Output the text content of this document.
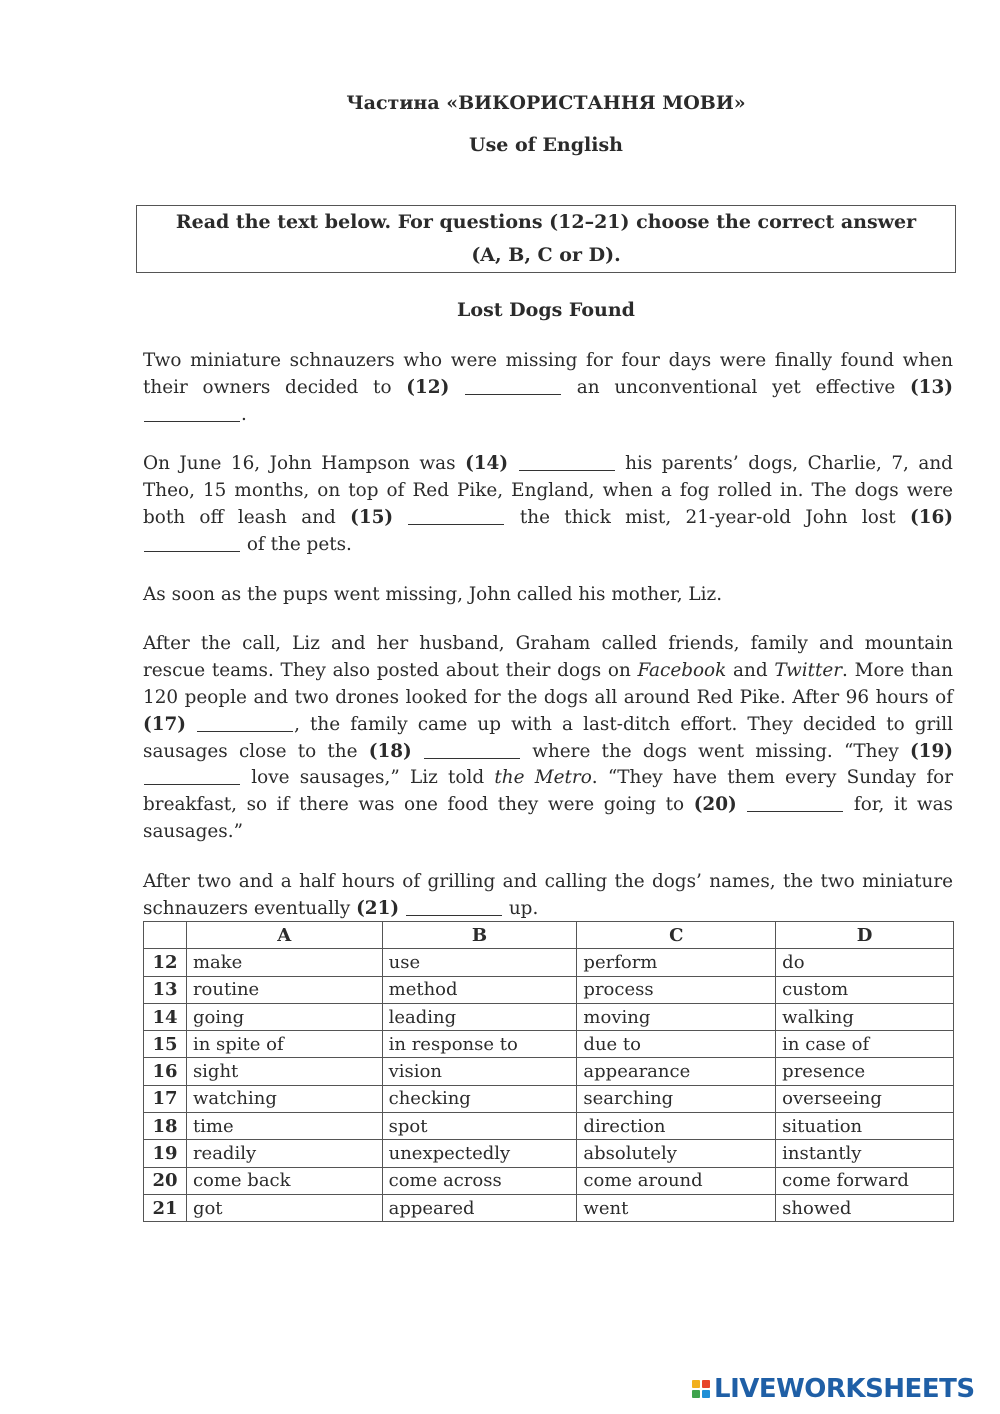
Частина «ВИКОРИСТАННЯ МОВИ»
Use of English
Read the text below. For questions (12–21) choose the correct answer
(A, B, C or D).
Lost Dogs Found

Two miniature schnauzers who were missing for four days were finally found when their owners decided to (12)	an unconventional yet effective (13) .

On June 16, John Hampson was (14)	his parents’ dogs, Charlie, 7, and Theo, 15 months, on top of Red Pike, England, when a fog rolled in. The dogs were both off leash and (15)	the thick mist, 21-year-old John lost (16)  of the pets.

As soon as the pups went missing, John called his mother, Liz.

After the call, Liz and her husband, Graham called friends, family and mountain rescue teams. They also posted about their dogs on Facebook and Twitter. More than 120 people and two drones looked for the dogs all around Red Pike. After 96 hours of (17)	, the family came up with a last-ditch effort. They decided to grill sausages close to the (18)	where the dogs went missing. “They (19)  love sausages,” Liz told the Metro. “They have them every Sunday for breakfast, so if there was one food they were going to (20)	for, it was sausages.”

After two and a half hours of grilling and calling the dogs’ names, the two miniature schnauzers eventually (21)	up.

	A	B	C	D
12	make	use	perform	do
13	routine	method	process	custom
14	going	leading	moving	walking
15	in spite of	in response to	due to	in case of
16	sight	vision	appearance	presence
17	watching	checking	searching	overseeing
18	time	spot	direction	situation
19	readily	unexpectedly	absolutely	instantly
20	come back	come across	come around	come forward
21	got	appeared	went	showed
LIVEWORKSHEETS
